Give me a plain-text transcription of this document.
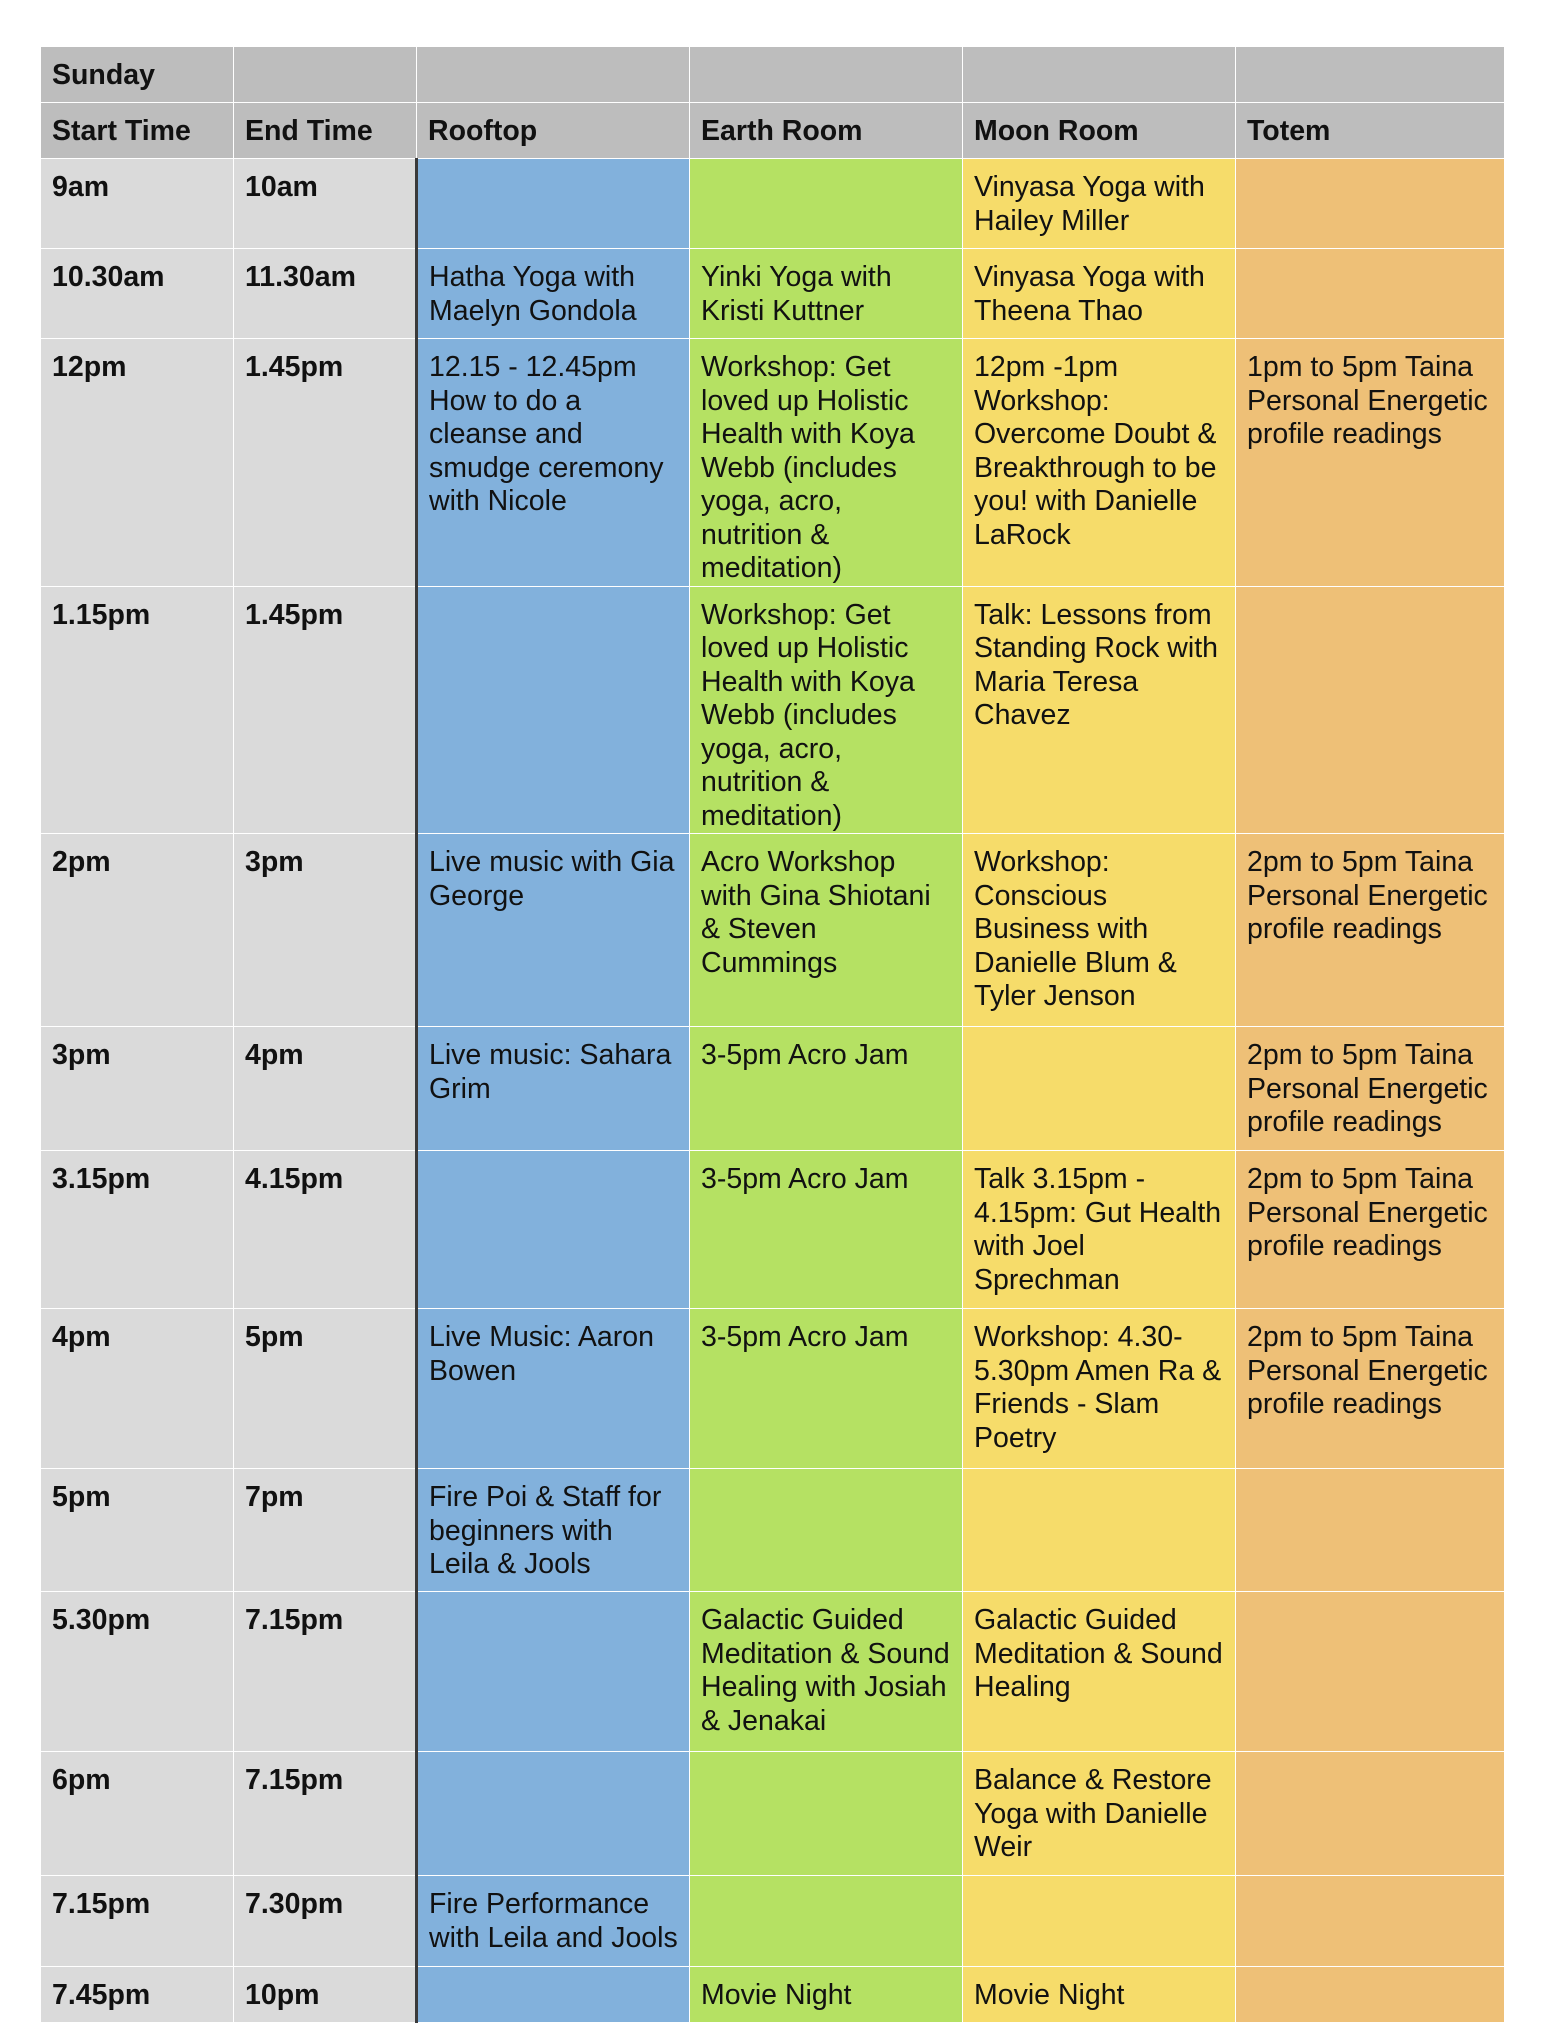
Sunday					
Start Time	End Time	Rooftop	Earth Room	Moon Room	Totem
9am	10am			Vinyasa Yoga with Hailey Miller	
10.30am	11.30am	Hatha Yoga with Maelyn Gondola	Yinki Yoga with Kristi Kuttner	Vinyasa Yoga with Theena Thao	
12pm	1.45pm	12.15 - 12.45pm How to do a cleanse and smudge ceremony with Nicole	Workshop: Get loved up Holistic Health with Koya Webb (includes yoga, acro, nutrition & meditation)	12pm -1pm Workshop: Overcome Doubt & Breakthrough to be you! with Danielle LaRock	1pm to 5pm Taina Personal Energetic profile readings
1.15pm	1.45pm		Workshop: Get loved up Holistic Health with Koya Webb (includes yoga, acro, nutrition & meditation)	Talk: Lessons from Standing Rock with Maria Teresa Chavez	
2pm	3pm	Live music with Gia George	Acro Workshop with Gina Shiotani & Steven Cummings	Workshop: Conscious Business with Danielle Blum & Tyler Jenson	2pm to 5pm Taina Personal Energetic profile readings
3pm	4pm	Live music: Sahara Grim	3-5pm Acro Jam		2pm to 5pm Taina Personal Energetic profile readings
3.15pm	4.15pm		3-5pm Acro Jam	Talk 3.15pm - 4.15pm: Gut Health with Joel Sprechman	2pm to 5pm Taina Personal Energetic profile readings
4pm	5pm	Live Music: Aaron Bowen	3-5pm Acro Jam	Workshop: 4.30-5.30pm Amen Ra & Friends - Slam Poetry	2pm to 5pm Taina Personal Energetic profile readings
5pm	7pm	Fire Poi & Staff for beginners with Leila & Jools			
5.30pm	7.15pm		Galactic Guided Meditation & Sound Healing with Josiah & Jenakai	Galactic Guided Meditation & Sound Healing	
6pm	7.15pm			Balance & Restore Yoga with Danielle Weir	
7.15pm	7.30pm	Fire Performance with Leila and Jools			
7.45pm	10pm		Movie Night	Movie Night	
